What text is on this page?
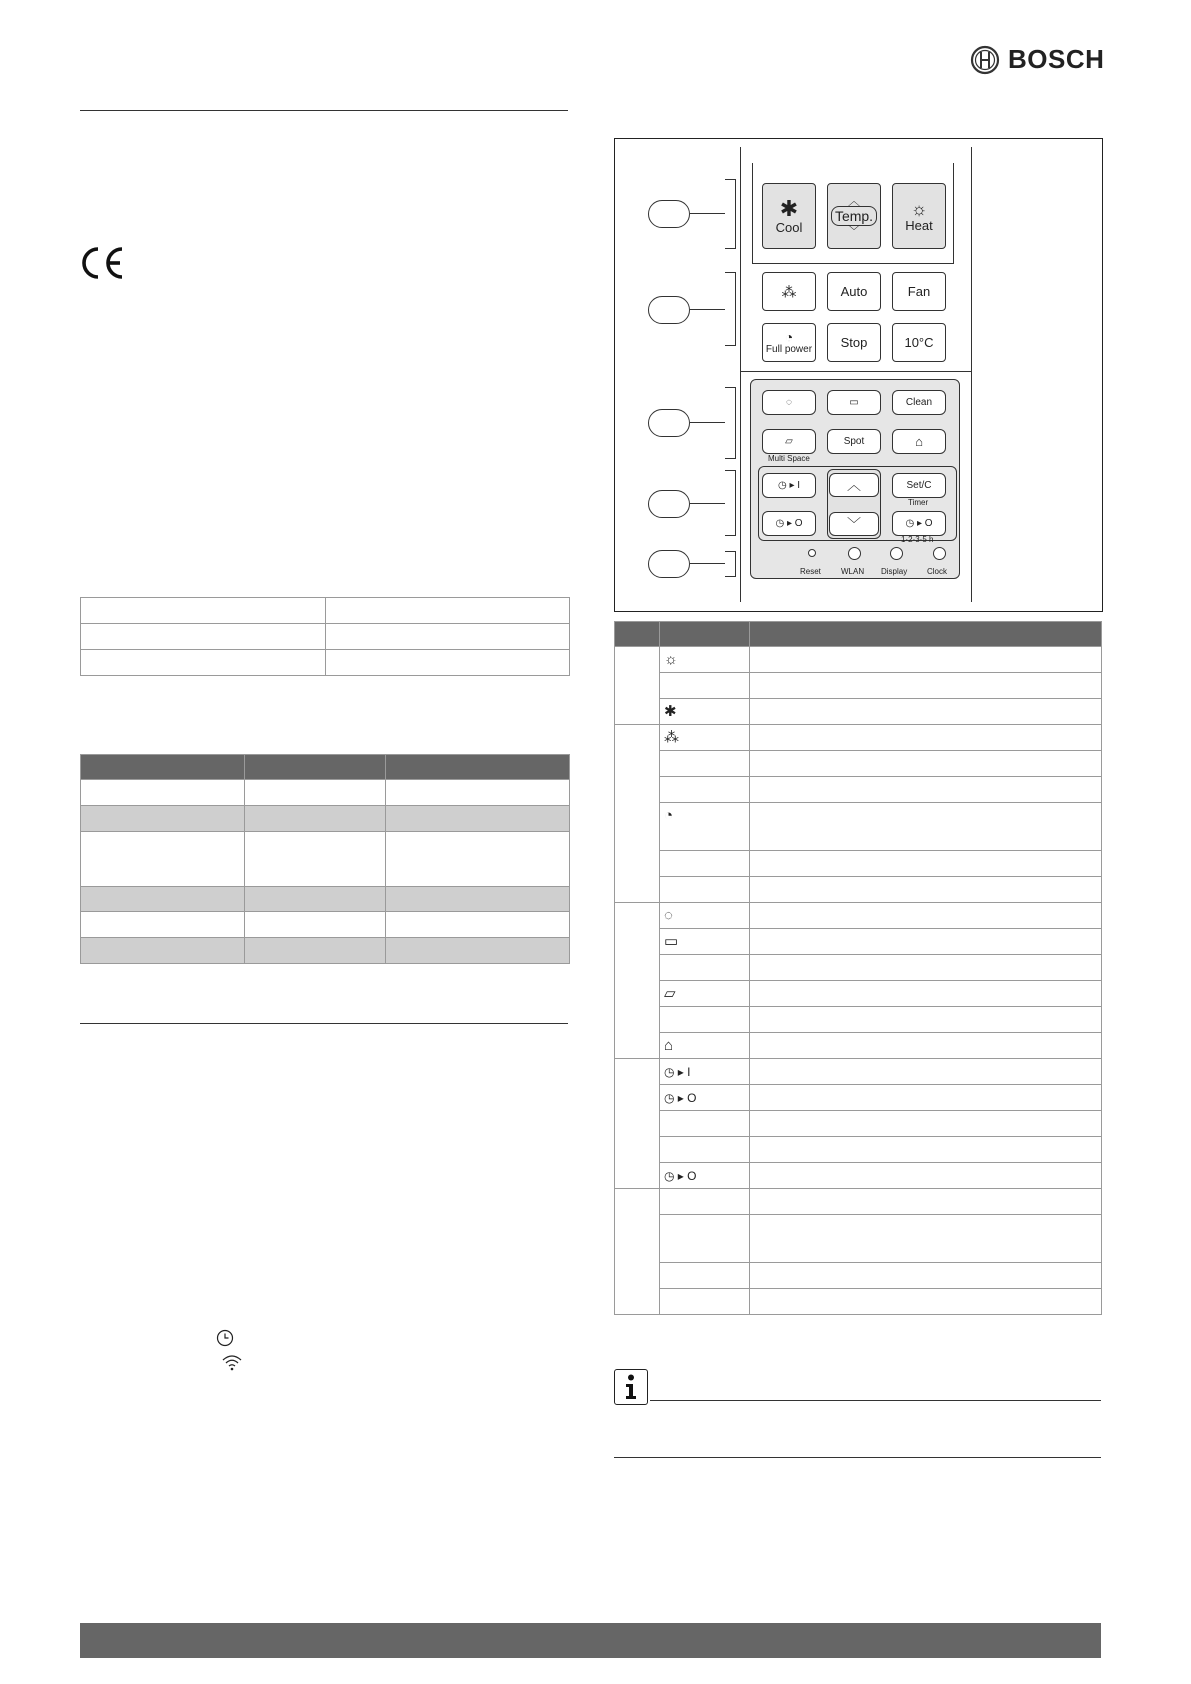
BOSCH

✱
Cool
︿
Temp.
﹀
☼
Heat
⁂	Auto	Fan
◔
Full power Stop	10°C
◌	▭	Clean
▱
Multi Space
Spot	⌂
◷ ▸ I
◷ ▸ O
︿
﹀
Set/C
Timer
◷ ▸ O
1·2·3·5 h
Reset	WLAN Display Clock

	☼	

	✱	
	⁂	

	◔	

	◌	
	▭	

	▱	

	⌂	
	◷ ▸ I	
	◷ ▸ O	

	◷ ▸ O	
